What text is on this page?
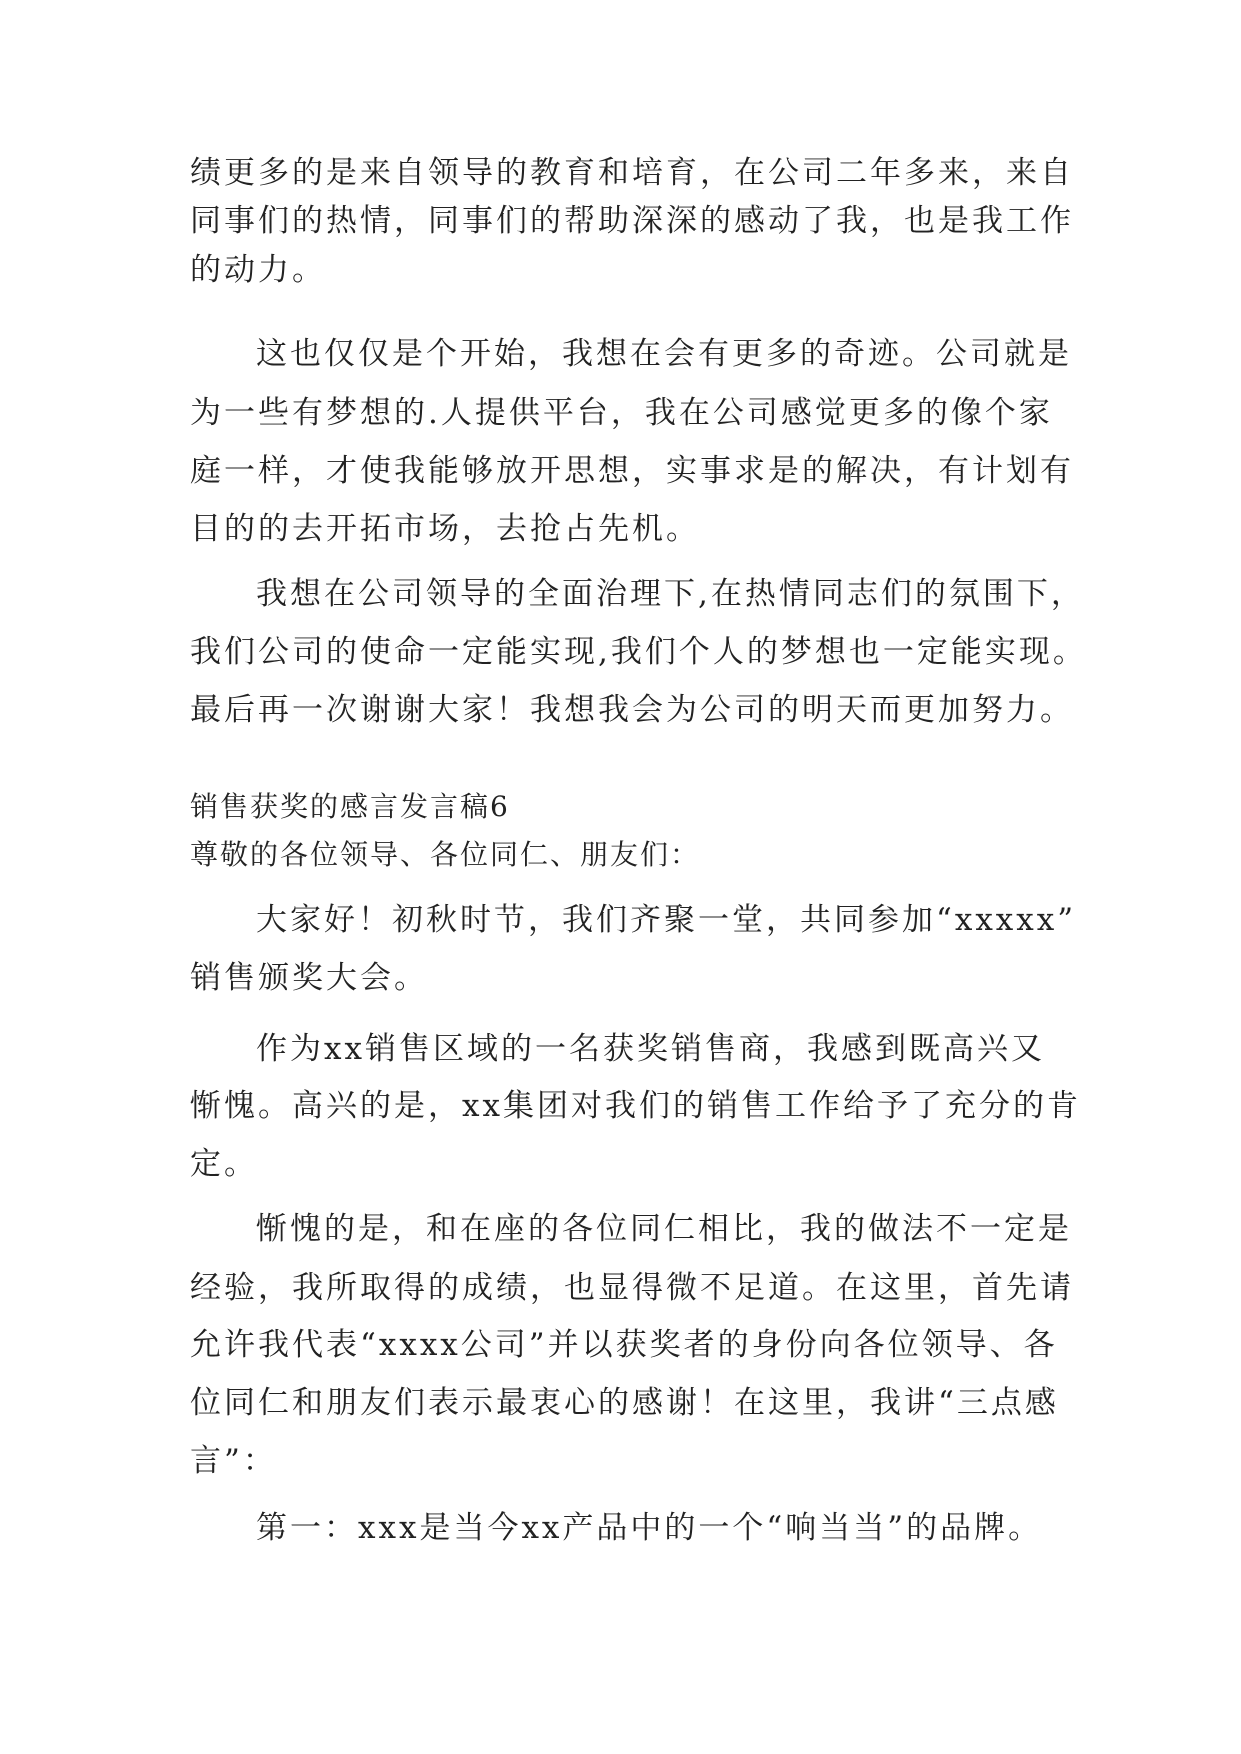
绩更多的是来自领导的教育和培育，在公司二年多来，来自
同事们的热情，同事们的帮助深深的感动了我，也是我工作
的动力。
这也仅仅是个开始，我想在会有更多的奇迹。公司就是
为一些有梦想的.人提供平台，我在公司感觉更多的像个家
庭一样，才使我能够放开思想，实事求是的解决，有计划有
目的的去开拓市场，去抢占先机。
我想在公司领导的全面治理下,在热情同志们的氛围下，
我们公司的使命一定能实现,我们个人的梦想也一定能实现。
最后再一次谢谢大家！我想我会为公司的明天而更加努力。
销售获奖的感言发言稿6
尊敬的各位领导、各位同仁、朋友们：
大家好！初秋时节，我们齐聚一堂，共同参加“xxxxx”
销售颁奖大会。
作为xx销售区域的一名获奖销售商，我感到既高兴又
惭愧。高兴的是，xx集团对我们的销售工作给予了充分的肯
定。
惭愧的是，和在座的各位同仁相比，我的做法不一定是
经验，我所取得的成绩，也显得微不足道。在这里，首先请
允许我代表“xxxx公司”并以获奖者的身份向各位领导、各
位同仁和朋友们表示最衷心的感谢！在这里，我讲“三点感
言”：
第一：xxx是当今xx产品中的一个“响当当”的品牌。
